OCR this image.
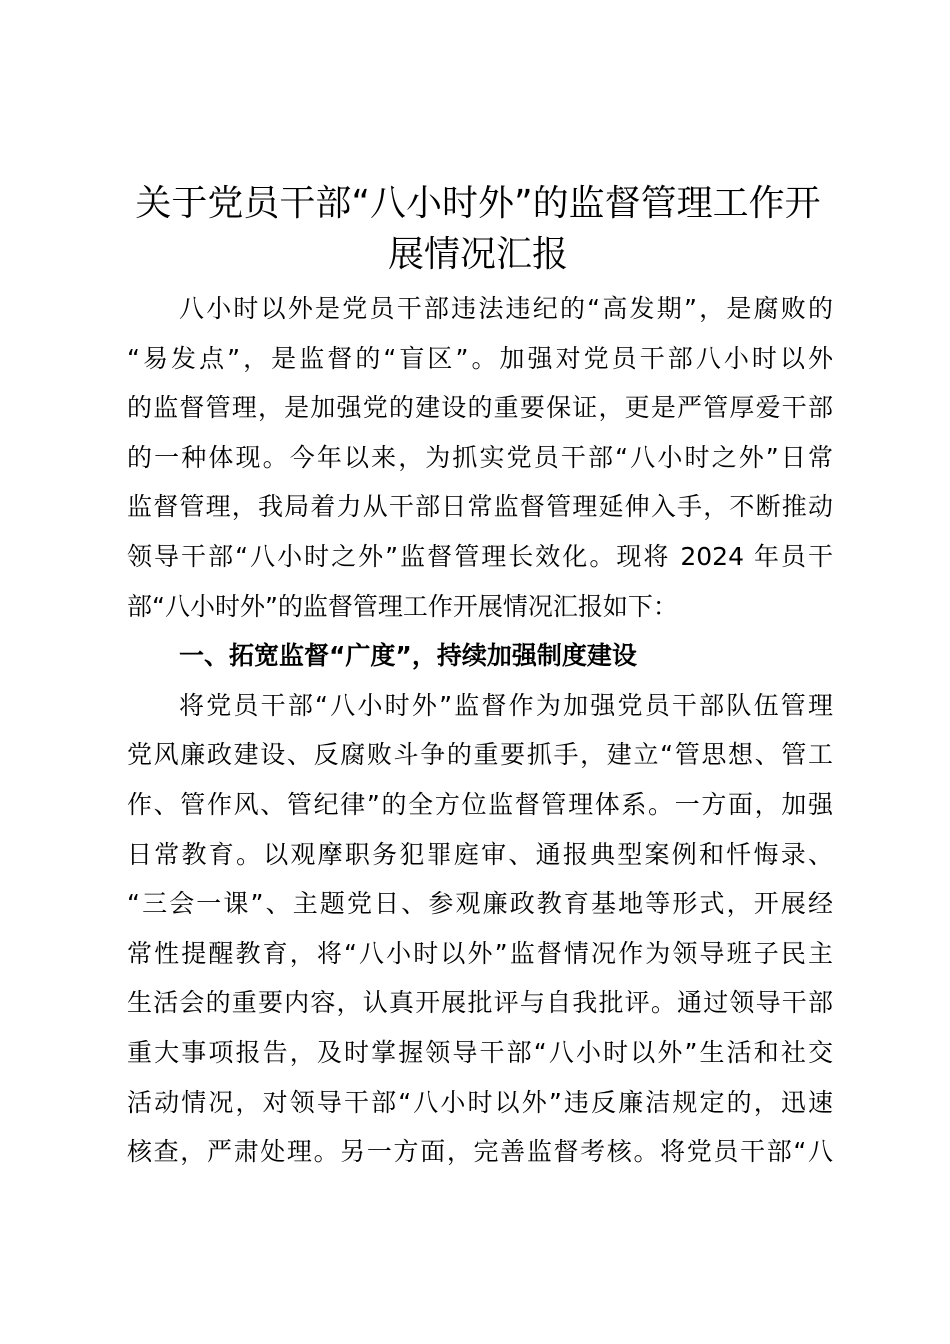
关于党员干部“八小时外”的监督管理工作开
展情况汇报
八小时以外是党员干部违法违纪的“高发期”，是腐败的
“易发点”，是监督的“盲区”。加强对党员干部八小时以外
的监督管理，是加强党的建设的重要保证，更是严管厚爱干部
的一种体现。今年以来，为抓实党员干部“八小时之外”日常
监督管理，我局着力从干部日常监督管理延伸入手，不断推动
领导干部“八小时之外”监督管理长效化。现将 2024 年员干
部“八小时外”的监督管理工作开展情况汇报如下：
一、拓宽监督“广度”，持续加强制度建设
将党员干部“八小时外”监督作为加强党员干部队伍管理
党风廉政建设、反腐败斗争的重要抓手，建立“管思想、管工
作、管作风、管纪律”的全方位监督管理体系。一方面，加强
日常教育。以观摩职务犯罪庭审、通报典型案例和忏悔录、
“三会一课”、主题党日、参观廉政教育基地等形式，开展经
常性提醒教育，将“八小时以外”监督情况作为领导班子民主
生活会的重要内容，认真开展批评与自我批评。通过领导干部
重大事项报告，及时掌握领导干部“八小时以外”生活和社交
活动情况，对领导干部“八小时以外”违反廉洁规定的，迅速
核查，严肃处理。另一方面，完善监督考核。将党员干部“八
